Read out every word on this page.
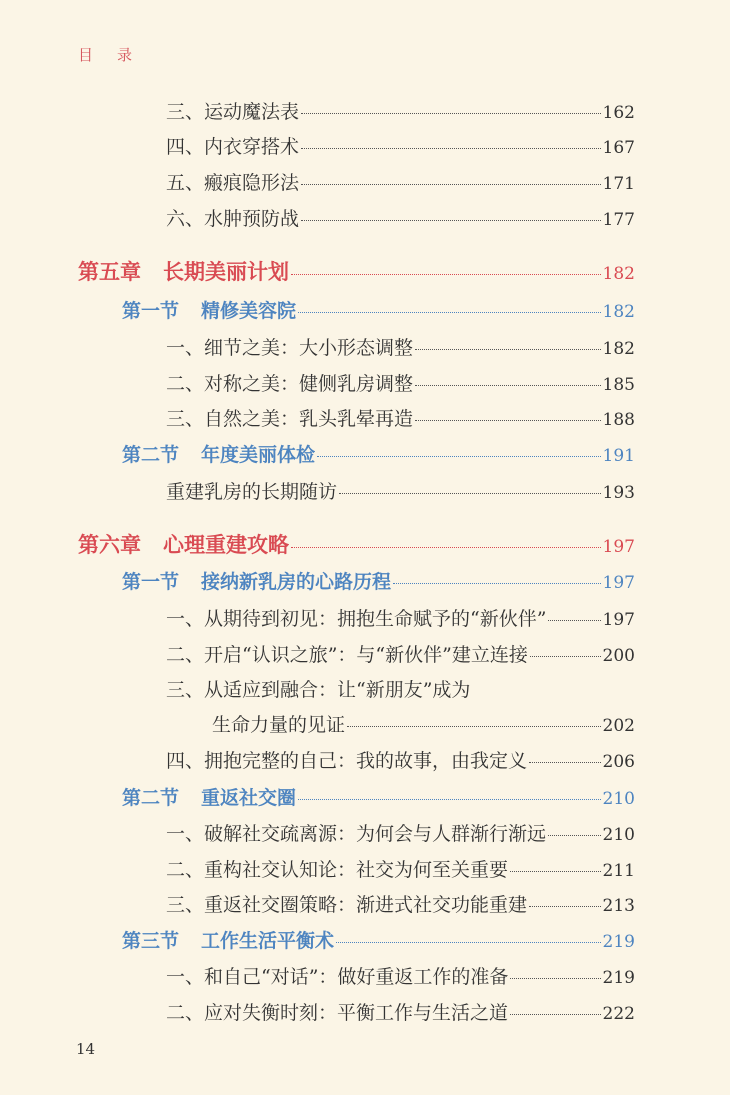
目录
三、运动魔法表	162
四、内衣穿搭术	167
五、瘢痕隐形法	171
六、水肿预防战	177
第五章 长期美丽计划	182
第一节 精修美容院	182
一、细节之美：大小形态调整	182
二、对称之美：健侧乳房调整	185
三、自然之美：乳头乳晕再造	188
第二节 年度美丽体检	191
重建乳房的长期随访	193
第六章 心理重建攻略	197
第一节 接纳新乳房的心路历程	197
一、从期待到初见：拥抱生命赋予的“新伙伴”	197
二、开启“认识之旅”：与“新伙伴”建立连接	200
三、从适应到融合：让“新朋友”成为
生命力量的见证	202
四、拥抱完整的自己：我的故事，由我定义	206
第二节 重返社交圈	210
一、破解社交疏离源：为何会与人群渐行渐远	210
二、重构社交认知论：社交为何至关重要	211
三、重返社交圈策略：渐进式社交功能重建	213
第三节 工作生活平衡术	219
一、和自己“对话”：做好重返工作的准备	219
二、应对失衡时刻：平衡工作与生活之道	222
14
